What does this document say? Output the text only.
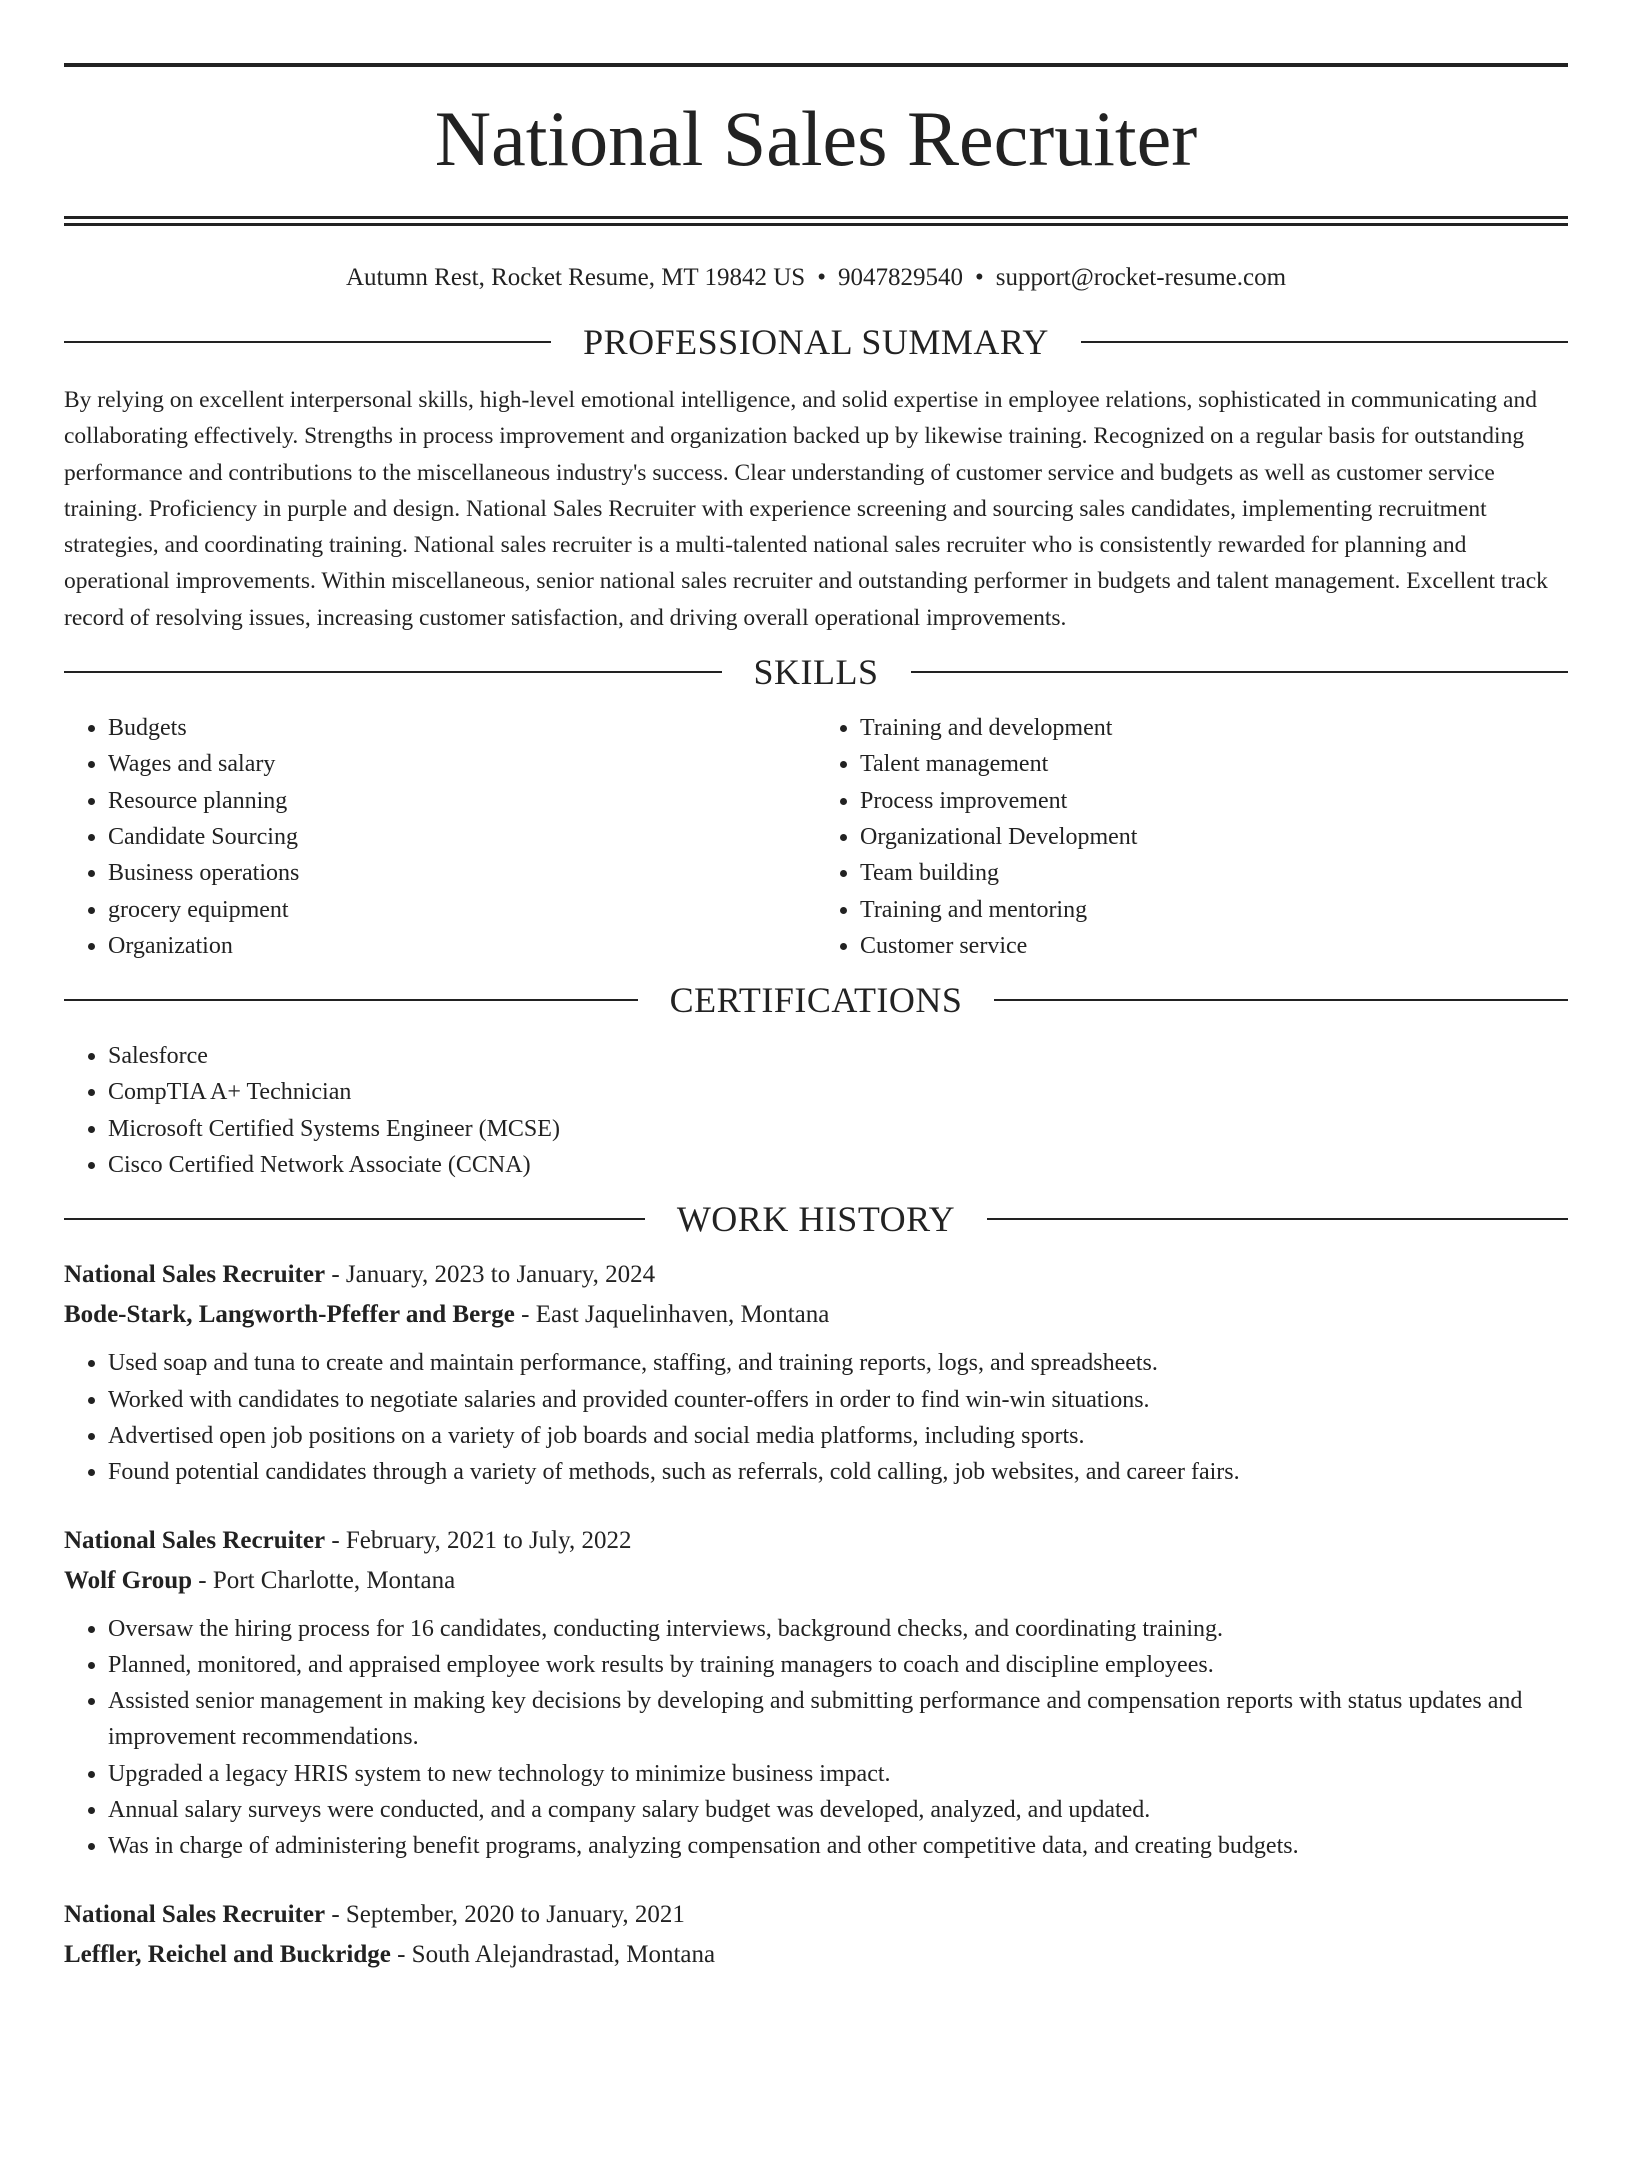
National Sales Recruiter
Autumn Rest, Rocket Resume, MT 19842 US • 9047829540 • support@rocket-resume.com
PROFESSIONAL SUMMARY

By relying on excellent interpersonal skills, high-level emotional intelligence, and solid expertise in employee relations, sophisticated in communicating and collaborating effectively. Strengths in process improvement and organization backed up by likewise training. Recognized on a regular basis for outstanding performance and contributions to the miscellaneous industry's success. Clear understanding of customer service and budgets as well as customer service training. Proficiency in purple and design. National Sales Recruiter with experience screening and sourcing sales candidates, implementing recruitment strategies, and coordinating training. National sales recruiter is a multi-talented national sales recruiter who is consistently rewarded for planning and operational improvements. Within miscellaneous, senior national sales recruiter and outstanding performer in budgets and talent management. Excellent track record of resolving issues, increasing customer satisfaction, and driving overall operational improvements.

SKILLS
• Budgets
• Wages and salary
• Resource planning
• Candidate Sourcing
• Business operations
• grocery equipment
• Organization
• Training and development
• Talent management
• Process improvement
• Organizational Development
• Team building
• Training and mentoring
• Customer service
CERTIFICATIONS
• Salesforce
• CompTIA A+ Technician
• Microsoft Certified Systems Engineer (MCSE)
• Cisco Certified Network Associate (CCNA)
WORK HISTORY
National Sales Recruiter - January, 2023 to January, 2024
Bode-Stark, Langworth-Pfeffer and Berge - East Jaquelinhaven, Montana
• Used soap and tuna to create and maintain performance, staffing, and training reports, logs, and spreadsheets.
• Worked with candidates to negotiate salaries and provided counter-offers in order to find win-win situations.
• Advertised open job positions on a variety of job boards and social media platforms, including sports.
• Found potential candidates through a variety of methods, such as referrals, cold calling, job websites, and career fairs.
National Sales Recruiter - February, 2021 to July, 2022
Wolf Group - Port Charlotte, Montana
• Oversaw the hiring process for 16 candidates, conducting interviews, background checks, and coordinating training.
• Planned, monitored, and appraised employee work results by training managers to coach and discipline employees.
• Assisted senior management in making key decisions by developing and submitting performance and compensation reports with status updates and improvement recommendations.
• Upgraded a legacy HRIS system to new technology to minimize business impact.
• Annual salary surveys were conducted, and a company salary budget was developed, analyzed, and updated.
• Was in charge of administering benefit programs, analyzing compensation and other competitive data, and creating budgets.
National Sales Recruiter - September, 2020 to January, 2021
Leffler, Reichel and Buckridge - South Alejandrastad, Montana
